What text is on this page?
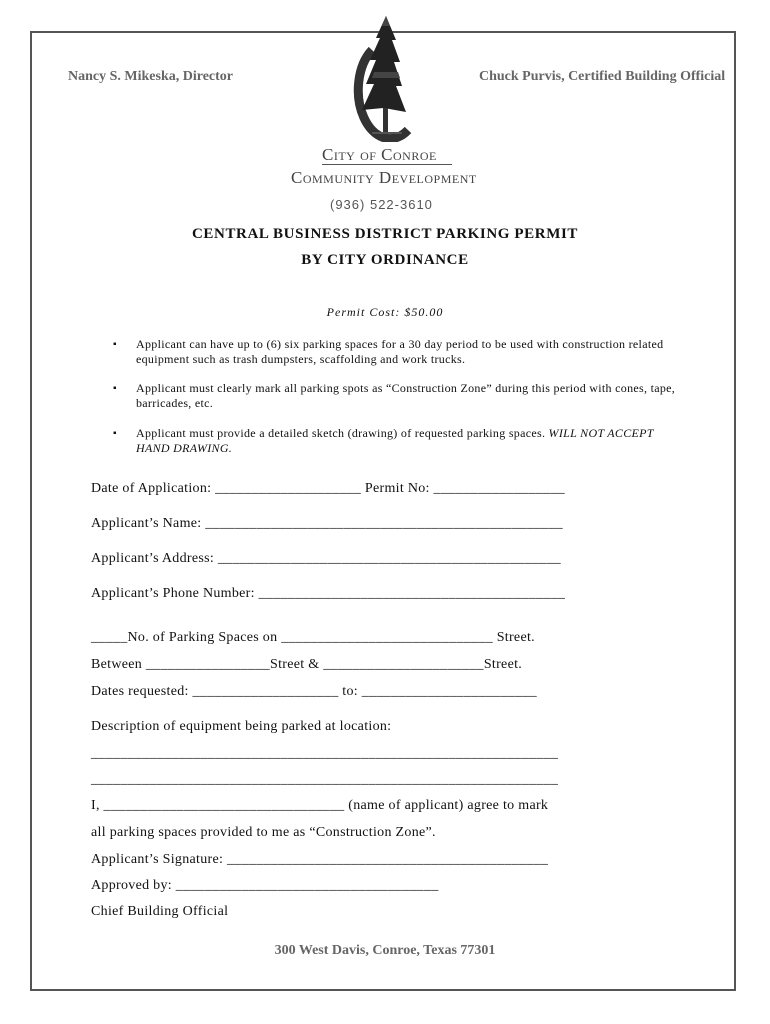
Nancy S. Mikeska, Director	Chuck Purvis, Certified Building Official
City of Conroe
Community Development
(936) 522-3610
CENTRAL BUSINESS DISTRICT PARKING PERMIT
BY CITY ORDINANCE
Permit Cost: $50.00
▪ Applicant can have up to (6) six parking spaces for a 30 day period to be used with construction related equipment such as trash dumpsters, scaffolding and work trucks.
▪ Applicant must clearly mark all parking spots as “Construction Zone” during this period with cones, tape, barricades, etc.
▪ Applicant must provide a detailed sketch (drawing) of requested parking spaces. WILL NOT ACCEPT HAND DRAWING.
Date of Application: ____________________ Permit No: __________________
Applicant’s Name: _________________________________________________
Applicant’s Address: _______________________________________________
Applicant’s Phone Number: __________________________________________
_____No. of Parking Spaces on _____________________________ Street.
Between _________________Street & ______________________Street.
Dates requested: ____________________ to: ________________________
Description of equipment being parked at location:
________________________________________________________________
________________________________________________________________
I, _________________________________ (name of applicant) agree to mark
all parking spaces provided to me as “Construction Zone”.
Applicant’s Signature: ____________________________________________
Approved by: ____________________________________
Chief Building Official
300 West Davis, Conroe, Texas 77301
